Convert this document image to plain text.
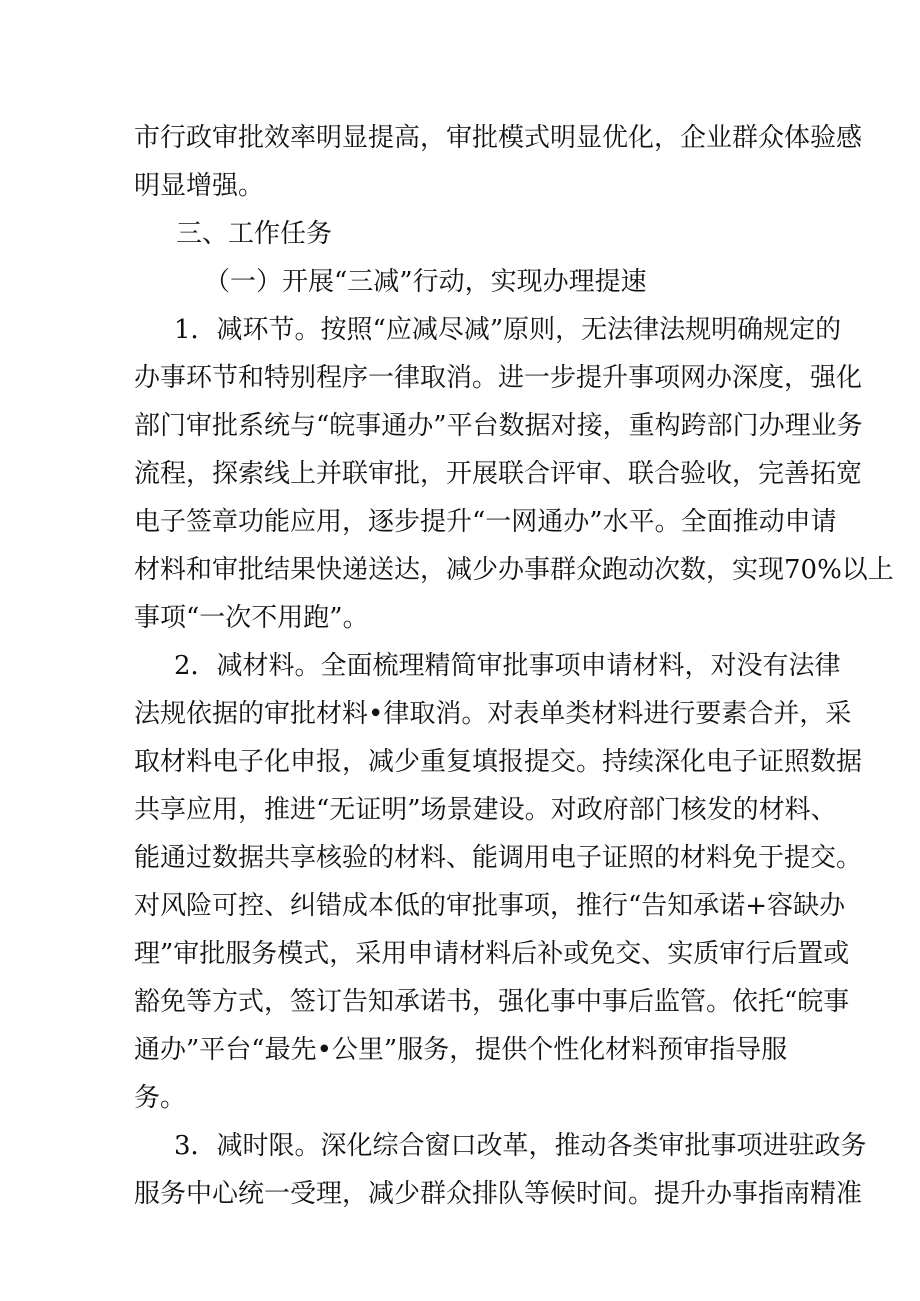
市行政审批效率明显提高，审批模式明显优化，企业群众体验感
明显增强。
三、工作任务
（一）开展“三减”行动，实现办理提速
1．减环节。按照“应减尽减”原则，无法律法规明确规定的
办事环节和特别程序一律取消。进一步提升事项网办深度，强化
部门审批系统与“皖事通办”平台数据对接，重构跨部门办理业务
流程，探索线上并联审批，开展联合评审、联合验收，完善拓宽
电子签章功能应用，逐步提升“一网通办”水平。全面推动申请
材料和审批结果快递送达，减少办事群众跑动次数，实现70%以上
事项“一次不用跑”。
2．减材料。全面梳理精简审批事项申请材料，对没有法律
法规依据的审批材料•律取消。对表单类材料进行要素合并，采
取材料电子化申报，减少重复填报提交。持续深化电子证照数据
共享应用，推进“无证明”场景建设。对政府部门核发的材料、
能通过数据共享核验的材料、能调用电子证照的材料免于提交。
对风险可控、纠错成本低的审批事项，推行“告知承诺+容缺办
理”审批服务模式，采用申请材料后补或免交、实质审行后置或
豁免等方式，签订告知承诺书，强化事中事后监管。依托“皖事
通办”平台“最先•公里”服务，提供个性化材料预审指导服
务。
3．减时限。深化综合窗口改革，推动各类审批事项进驻政务
服务中心统一受理，减少群众排队等候时间。提升办事指南精准
